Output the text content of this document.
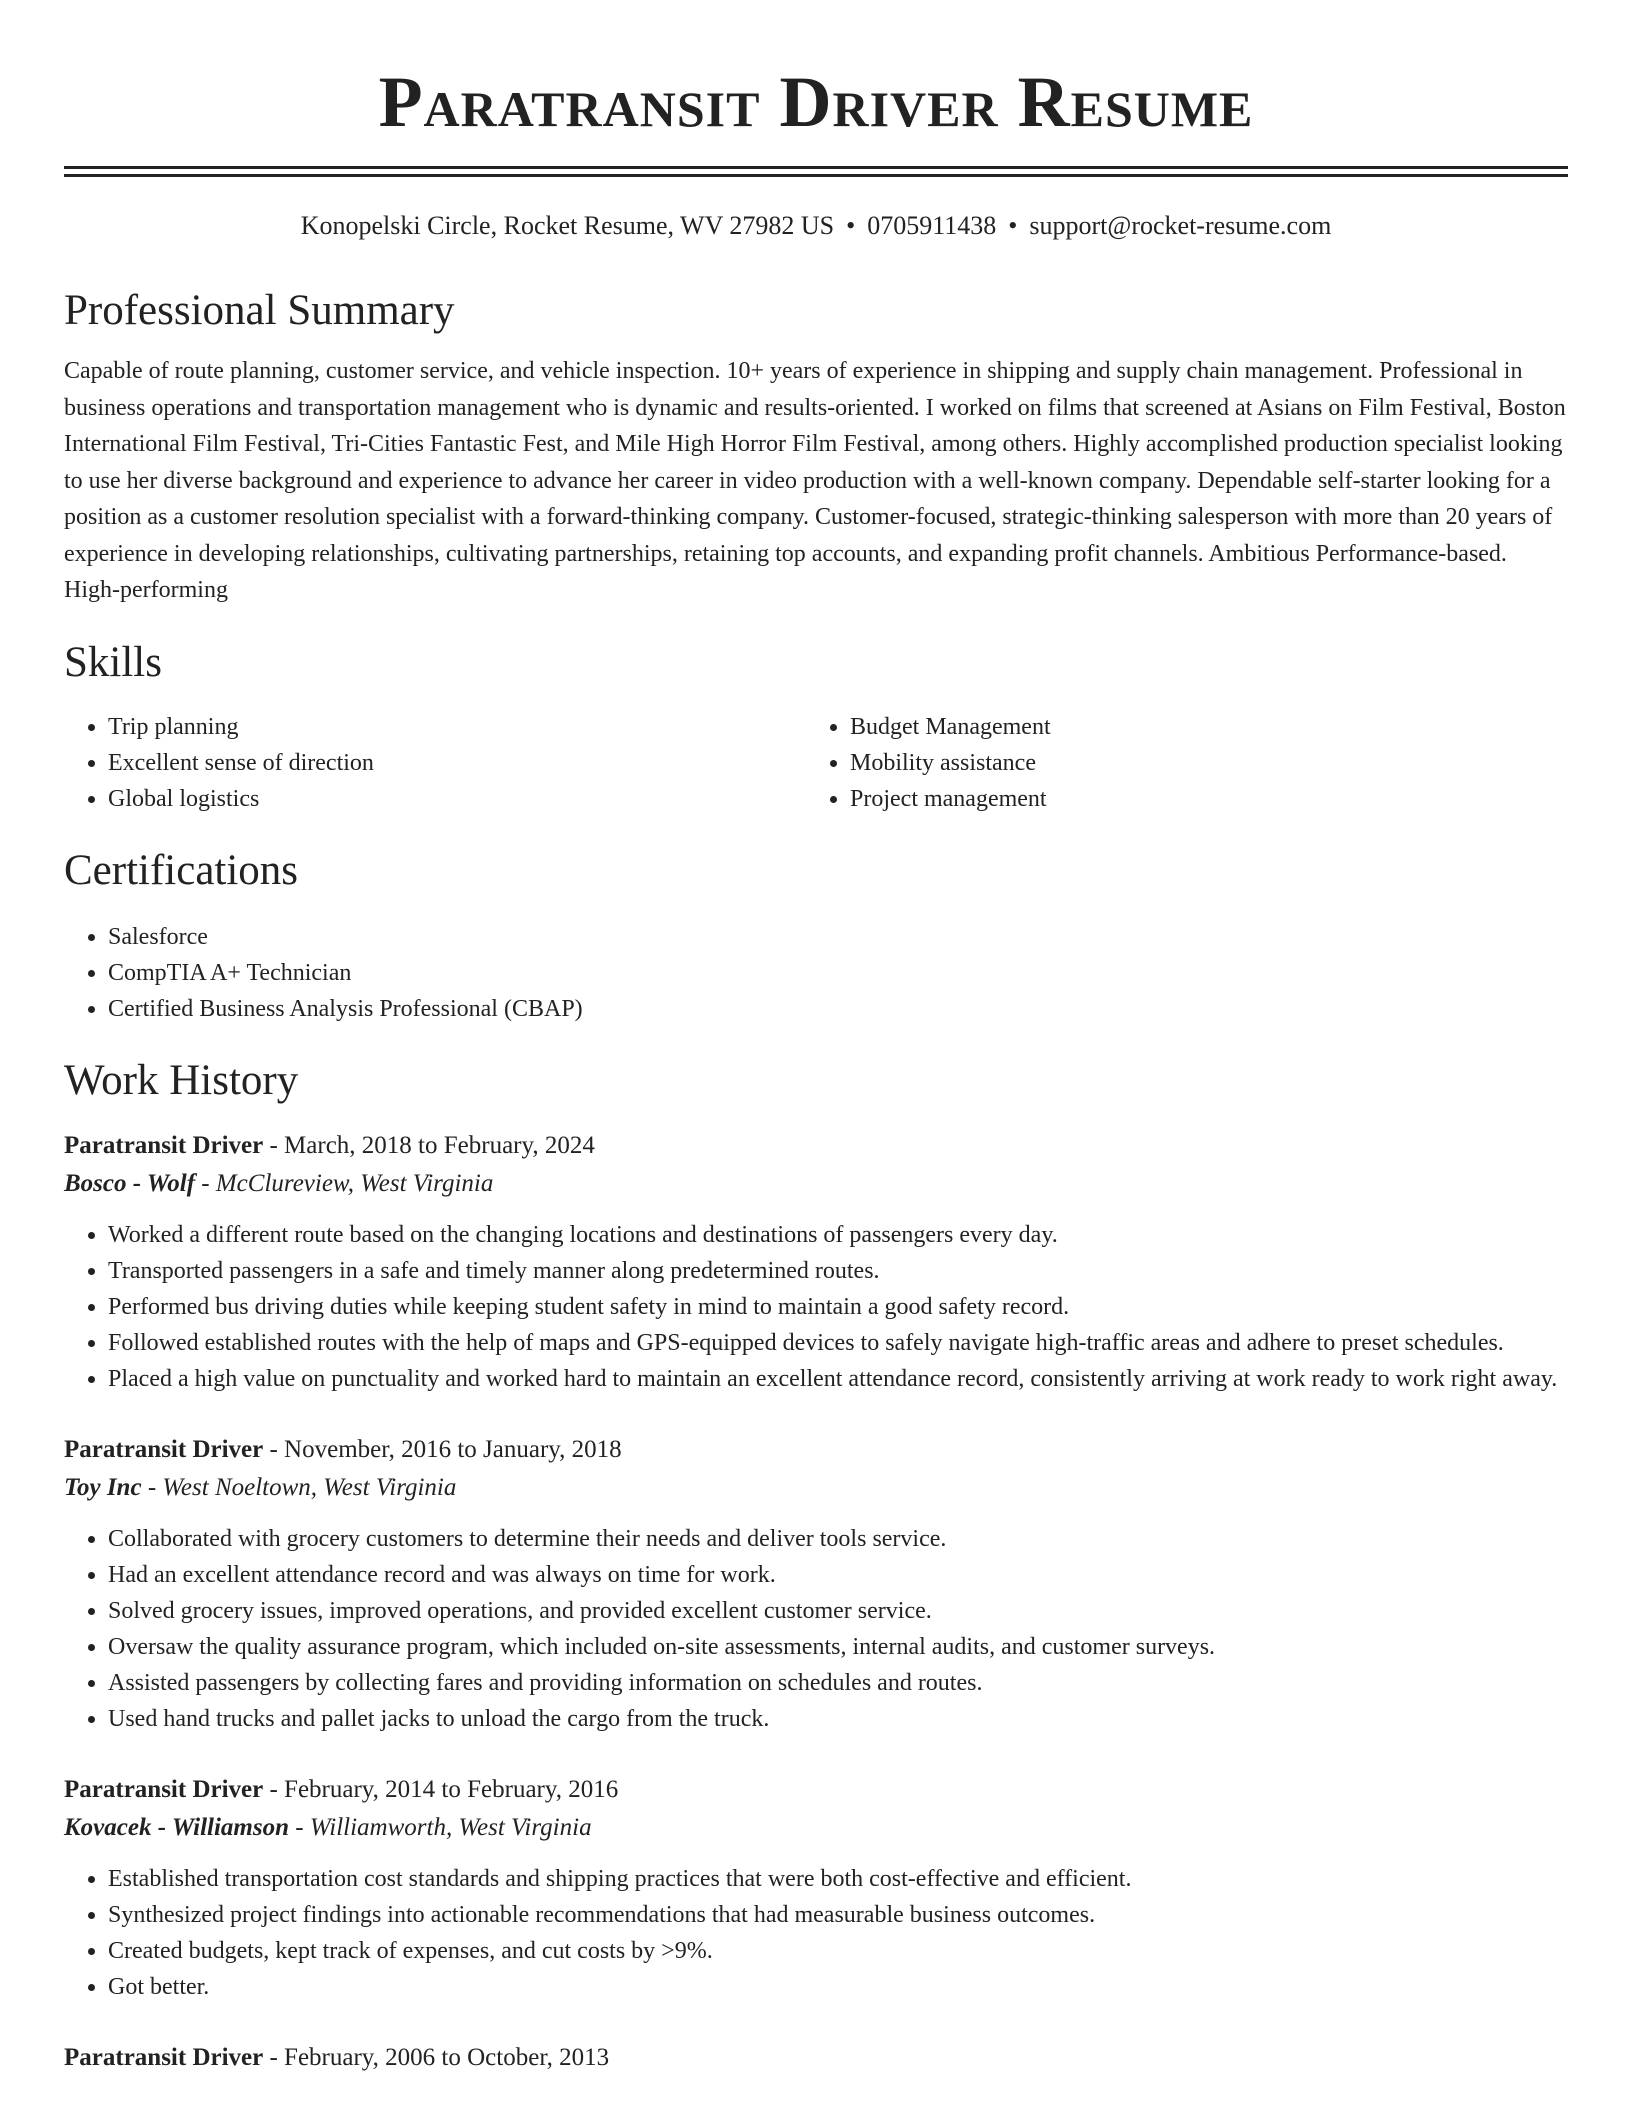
Paratransit Driver Resume
Konopelski Circle, Rocket Resume, WV 27982 US • 0705911438 • support@rocket-resume.com
Professional Summary
Capable of route planning, customer service, and vehicle inspection. 10+ years of experience in shipping and supply chain management. Professional in business operations and transportation management who is dynamic and results-oriented. I worked on films that screened at Asians on Film Festival, Boston International Film Festival, Tri-Cities Fantastic Fest, and Mile High Horror Film Festival, among others. Highly accomplished production specialist looking to use her diverse background and experience to advance her career in video production with a well-known company. Dependable self-starter looking for a position as a customer resolution specialist with a forward-thinking company. Customer-focused, strategic-thinking salesperson with more than 20 years of experience in developing relationships, cultivating partnerships, retaining top accounts, and expanding profit channels. Ambitious Performance-based. High-performing
Skills
• Trip planning
• Excellent sense of direction
• Global logistics
• Budget Management
• Mobility assistance
• Project management
Certifications
• Salesforce
• CompTIA A+ Technician
• Certified Business Analysis Professional (CBAP)
Work History
Paratransit Driver - March, 2018 to February, 2024
Bosco - Wolf - McClureview, West Virginia
• Worked a different route based on the changing locations and destinations of passengers every day.
• Transported passengers in a safe and timely manner along predetermined routes.
• Performed bus driving duties while keeping student safety in mind to maintain a good safety record.
• Followed established routes with the help of maps and GPS-equipped devices to safely navigate high-traffic areas and adhere to preset schedules.
• Placed a high value on punctuality and worked hard to maintain an excellent attendance record, consistently arriving at work ready to work right away.
Paratransit Driver - November, 2016 to January, 2018
Toy Inc - West Noeltown, West Virginia
• Collaborated with grocery customers to determine their needs and deliver tools service.
• Had an excellent attendance record and was always on time for work.
• Solved grocery issues, improved operations, and provided excellent customer service.
• Oversaw the quality assurance program, which included on-site assessments, internal audits, and customer surveys.
• Assisted passengers by collecting fares and providing information on schedules and routes.
• Used hand trucks and pallet jacks to unload the cargo from the truck.
Paratransit Driver - February, 2014 to February, 2016
Kovacek - Williamson - Williamworth, West Virginia
• Established transportation cost standards and shipping practices that were both cost-effective and efficient.
• Synthesized project findings into actionable recommendations that had measurable business outcomes.
• Created budgets, kept track of expenses, and cut costs by >9%.
• Got better.
Paratransit Driver - February, 2006 to October, 2013
